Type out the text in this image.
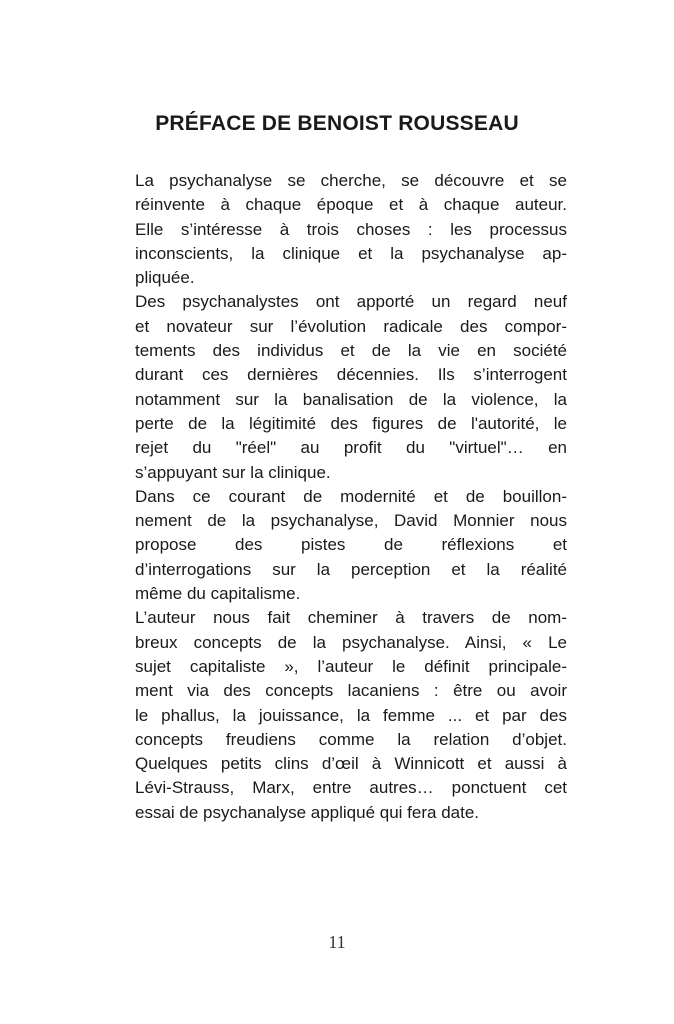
PRÉFACE DE BENOIST ROUSSEAU
La psychanalyse se cherche, se découvre et se
réinvente à chaque époque et à chaque auteur.
Elle s’intéresse à trois choses : les processus
inconscients, la clinique et la psychanalyse ap-
pliquée.
Des psychanalystes ont apporté un regard neuf
et novateur sur l’évolution radicale des compor-
tements des individus et de la vie en société
durant ces dernières décennies. Ils s’interrogent
notamment sur la banalisation de la violence, la
perte de la légitimité des figures de l'autorité, le
rejet du "réel" au profit du "virtuel"… en
s’appuyant sur la clinique.
Dans ce courant de modernité et de bouillon-
nement de la psychanalyse, David Monnier nous
propose des pistes de réflexions et
d’interrogations sur la perception et la réalité
même du capitalisme.
L’auteur nous fait cheminer à travers de nom-
breux concepts de la psychanalyse. Ainsi, « Le
sujet capitaliste », l’auteur le définit principale-
ment via des concepts lacaniens : être ou avoir
le phallus, la jouissance, la femme ... et par des
concepts freudiens comme la relation d’objet.
Quelques petits clins d’œil à Winnicott et aussi à
Lévi-Strauss, Marx, entre autres… ponctuent cet
essai de psychanalyse appliqué qui fera date.
11
